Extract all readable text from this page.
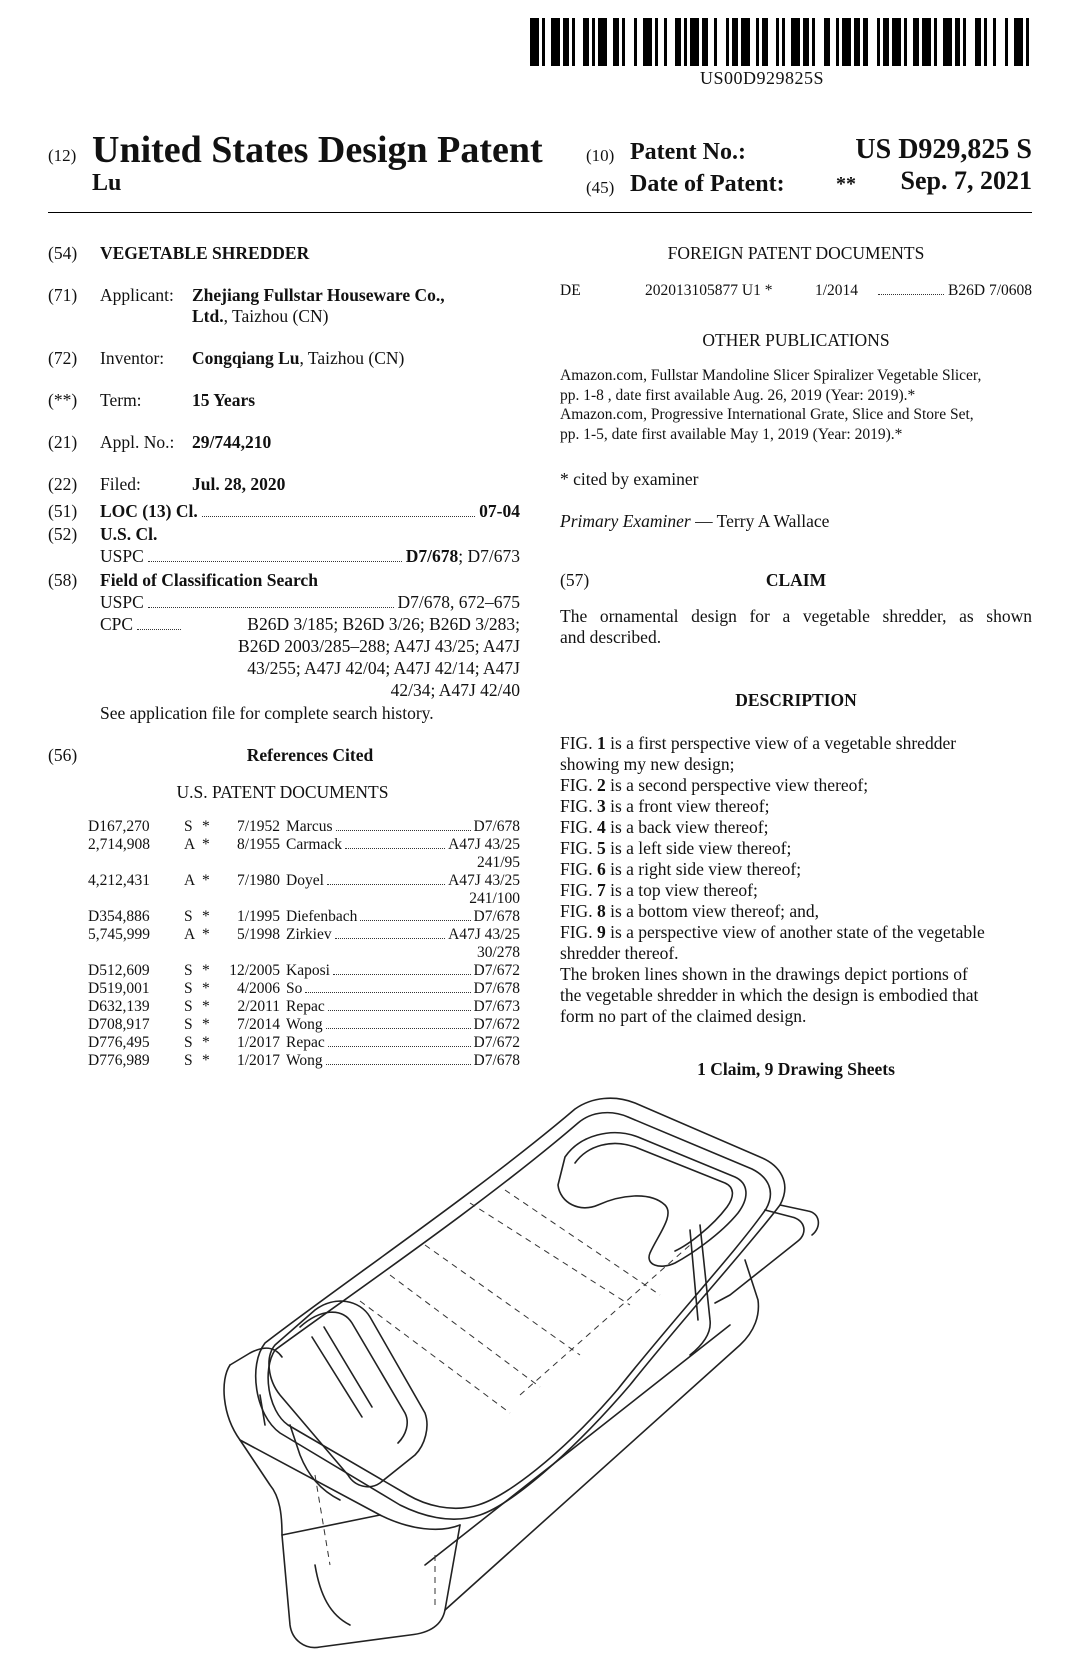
US00D929825S
(12) United States Design Patent	(10) Patent No.:	US D929,825 S
Lu	(45) Date of Patent:	** Sep. 7, 2021
(54) VEGETABLE SHREDDER
(71) Applicant: Zhejiang Fullstar Houseware Co.,
Ltd., Taizhou (CN)
(72) Inventor: Congqiang Lu, Taizhou (CN)
(**) Term:	15 Years
(21) Appl. No.: 29/744,210
(22) Filed:	Jul. 28, 2020
(51) LOC (13) Cl.	07-04
(52) U.S. Cl.
USPC	D7/678 ; D7/673
(58) Field of Classification Search
USPC	D7/678, 672–675
CPC	B26D 3/185; B26D 3/26; B26D 3/283;
B26D 2003/285–288; A47J 43/25; A47J
43/255; A47J 42/04; A47J 42/14; A47J
42/34; A47J 42/40
See application file for complete search history.
(56)	References Cited
U.S. PATENT DOCUMENTS
D167,270	S *	7/1952 Marcus	D7/678
2,714,908	A *	8/1955 Carmack	A47J 43/25
241/95
4,212,431	A *	7/1980 Doyel	A47J 43/25
241/100
D354,886	S *	1/1995 Diefenbach	D7/678
5,745,999	A *	5/1998 Zirkiev	A47J 43/25
30/278
D512,609	S *	12/2005 Kaposi	D7/672
D519,001	S *	4/2006 So	D7/678
D632,139	S *	2/2011 Repac	D7/673
D708,917	S *	7/2014 Wong	D7/672
D776,495	S *	1/2017 Repac	D7/672
D776,989	S *	1/2017 Wong	D7/678
FOREIGN PATENT DOCUMENTS
DE	202013105877 U1 *	1/2014	B26D 7/0608
OTHER PUBLICATIONS
Amazon.com, Fullstar Mandoline Slicer Spiralizer Vegetable Slicer,
pp. 1-8 , date first available Aug. 26, 2019 (Year: 2019).*
Amazon.com, Progressive International Grate, Slice and Store Set,
pp. 1-5, date first available May 1, 2019 (Year: 2019).*
* cited by examiner
Primary Examiner — Terry A Wallace
(57)	CLAIM
The ornamental design for a vegetable shredder, as shown
and described.
DESCRIPTION
FIG. 1 is a first perspective view of a vegetable shredder
showing my new design;
FIG. 2 is a second perspective view thereof;
FIG. 3 is a front view thereof;
FIG. 4 is a back view thereof;
FIG. 5 is a left side view thereof;
FIG. 6 is a right side view thereof;
FIG. 7 is a top view thereof;
FIG. 8 is a bottom view thereof; and,
FIG. 9 is a perspective view of another state of the vegetable
shredder thereof.
The broken lines shown in the drawings depict portions of
the vegetable shredder in which the design is embodied that
form no part of the claimed design.
1 Claim, 9 Drawing Sheets
